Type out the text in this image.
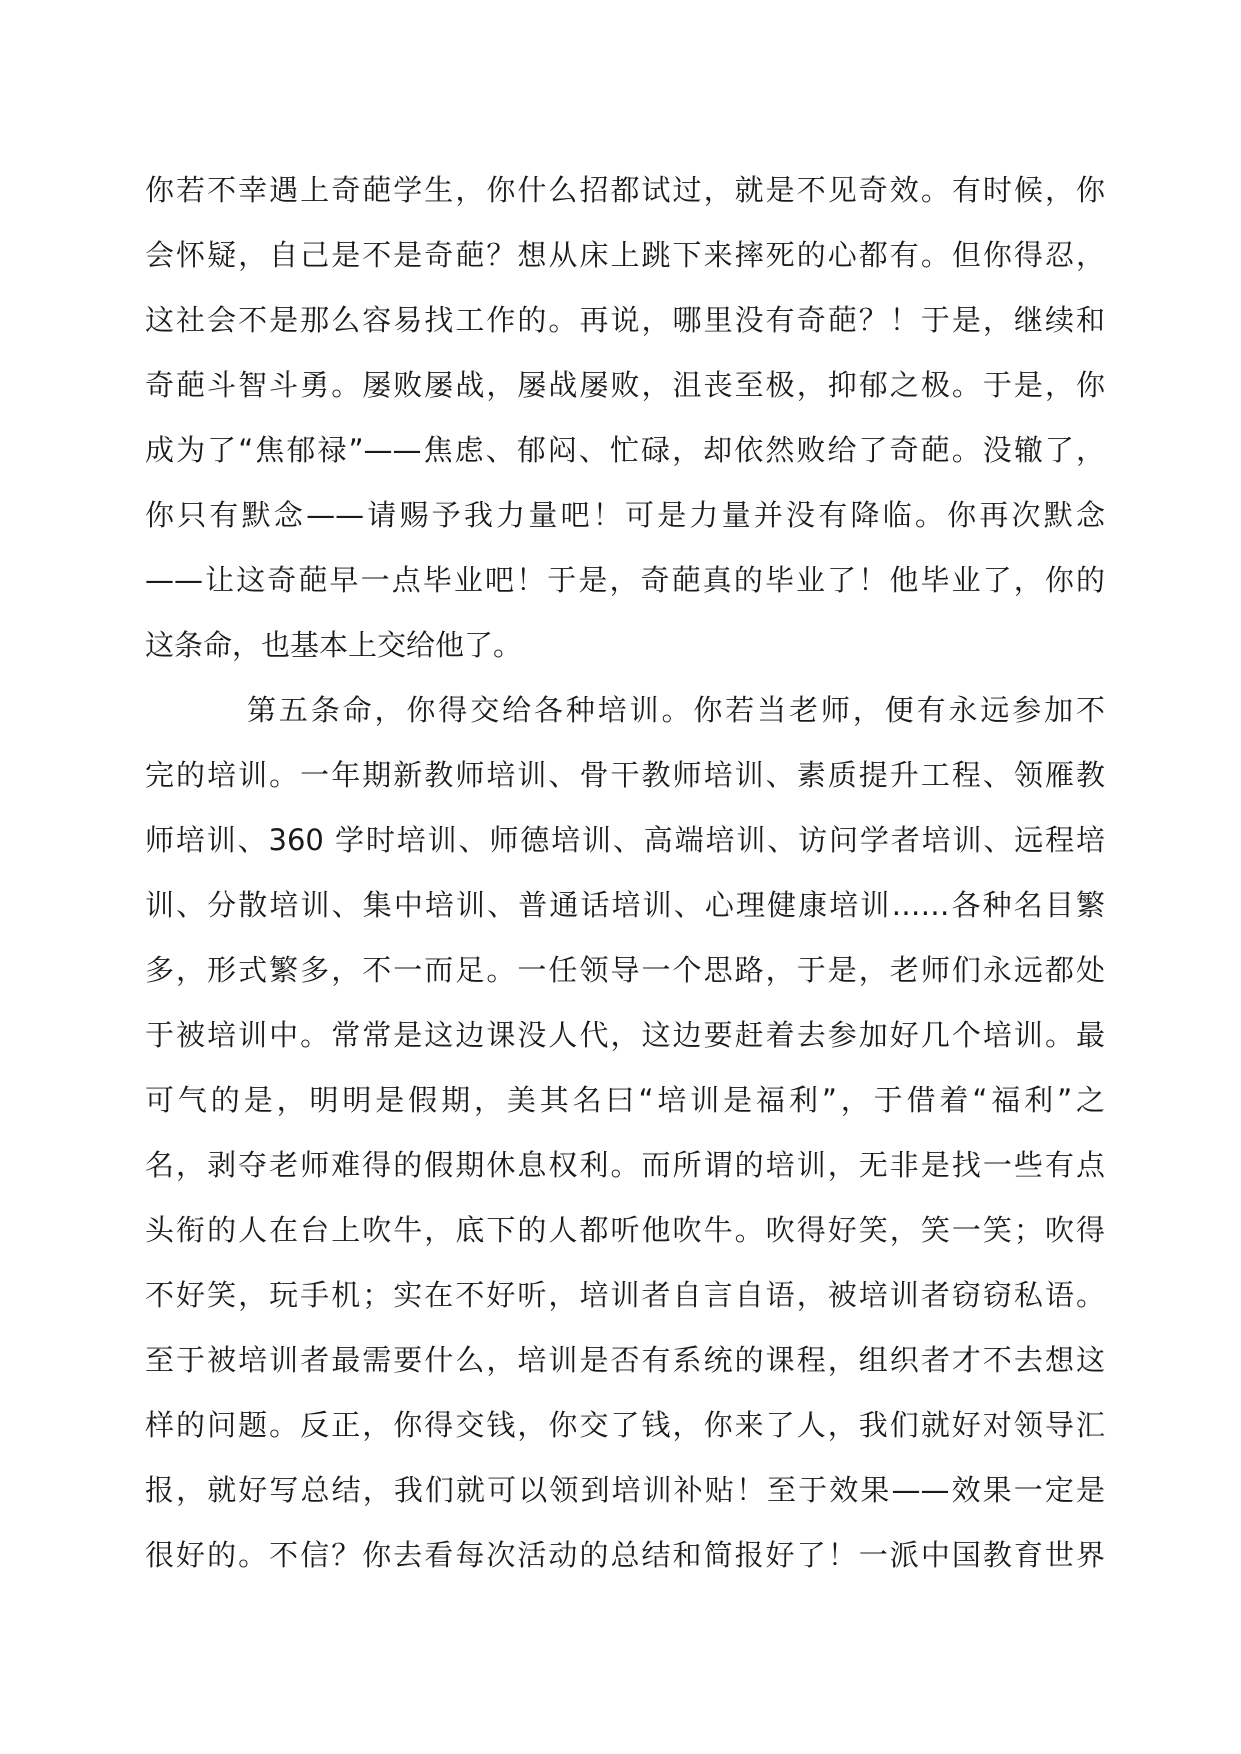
你若不幸遇上奇葩学生，你什么招都试过，就是不见奇效。有时候，你
会怀疑，自己是不是奇葩？想从床上跳下来摔死的心都有。但你得忍，
这社会不是那么容易找工作的。再说，哪里没有奇葩？！于是，继续和
奇葩斗智斗勇。屡败屡战，屡战屡败，沮丧至极，抑郁之极。于是，你
成为了“焦郁禄”——焦虑、郁闷、忙碌，却依然败给了奇葩。没辙了，
你只有默念——请赐予我力量吧！可是力量并没有降临。你再次默念
——让这奇葩早一点毕业吧！于是，奇葩真的毕业了！他毕业了，你的
这条命，也基本上交给他了。
第五条命，你得交给各种培训。你若当老师，便有永远参加不
完的培训。一年期新教师培训、骨干教师培训、素质提升工程、领雁教
师培训、360 学时培训、师德培训、高端培训、访问学者培训、远程培
训、分散培训、集中培训、普通话培训、心理健康培训……各种名目繁
多，形式繁多，不一而足。一任领导一个思路，于是，老师们永远都处
于被培训中。常常是这边课没人代，这边要赶着去参加好几个培训。最
可气的是，明明是假期，美其名曰“培训是福利”，于借着“福利”之
名，剥夺老师难得的假期休息权利。而所谓的培训，无非是找一些有点
头衔的人在台上吹牛，底下的人都听他吹牛。吹得好笑，笑一笑；吹得
不好笑，玩手机；实在不好听，培训者自言自语，被培训者窃窃私语。
至于被培训者最需要什么，培训是否有系统的课程，组织者才不去想这
样的问题。反正，你得交钱，你交了钱，你来了人，我们就好对领导汇
报，就好写总结，我们就可以领到培训补贴！至于效果——效果一定是
很好的。不信？你去看每次活动的总结和简报好了！一派中国教育世界
